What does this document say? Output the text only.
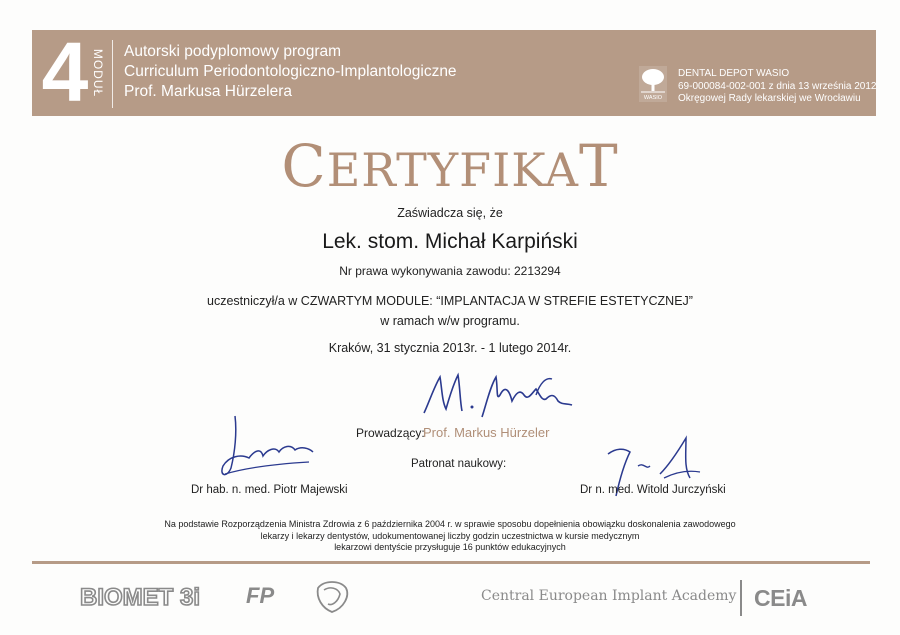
4 MODUŁ Autorski podyplomowy program
Curriculum Periodontologiczno-Implantologiczne
Prof. Markusa Hürzelera	WASIO
DENTAL DEPOT WASIO
69-000084-002-001 z dnia 13 września 2012
Okręgowej Rady lekarskiej we Wrocławiu
CERTYFIKAT
Zaświadcza się, że
Lek. stom. Michał Karpiński
Nr prawa wykonywania zawodu: 2213294
uczestniczył/a w CZWARTYM MODULE: “IMPLANTACJA W STREFIE ESTETYCZNEJ”
w ramach w/w programu.
Kraków, 31 stycznia 2013r. - 1 lutego 2014r.
Prowadzący:
Prof. Markus Hürzeler
Patronat naukowy:
Dr hab. n. med. Piotr Majewski	Dr n. med. Witold Jurczyński
Na podstawie Rozporządzenia Ministra Zdrowia z 6 października 2004 r. w sprawie sposobu dopełnienia obowiązku doskonalenia zawodowego
lekarzy i lekarzy dentystów, udokumentowanej liczby godzin uczestnictwa w kursie medycznym
lekarzowi dentyście przysługuje 16 punktów edukacyjnych
BIOMET 3i FP	Central European Implant Academy CEiA
